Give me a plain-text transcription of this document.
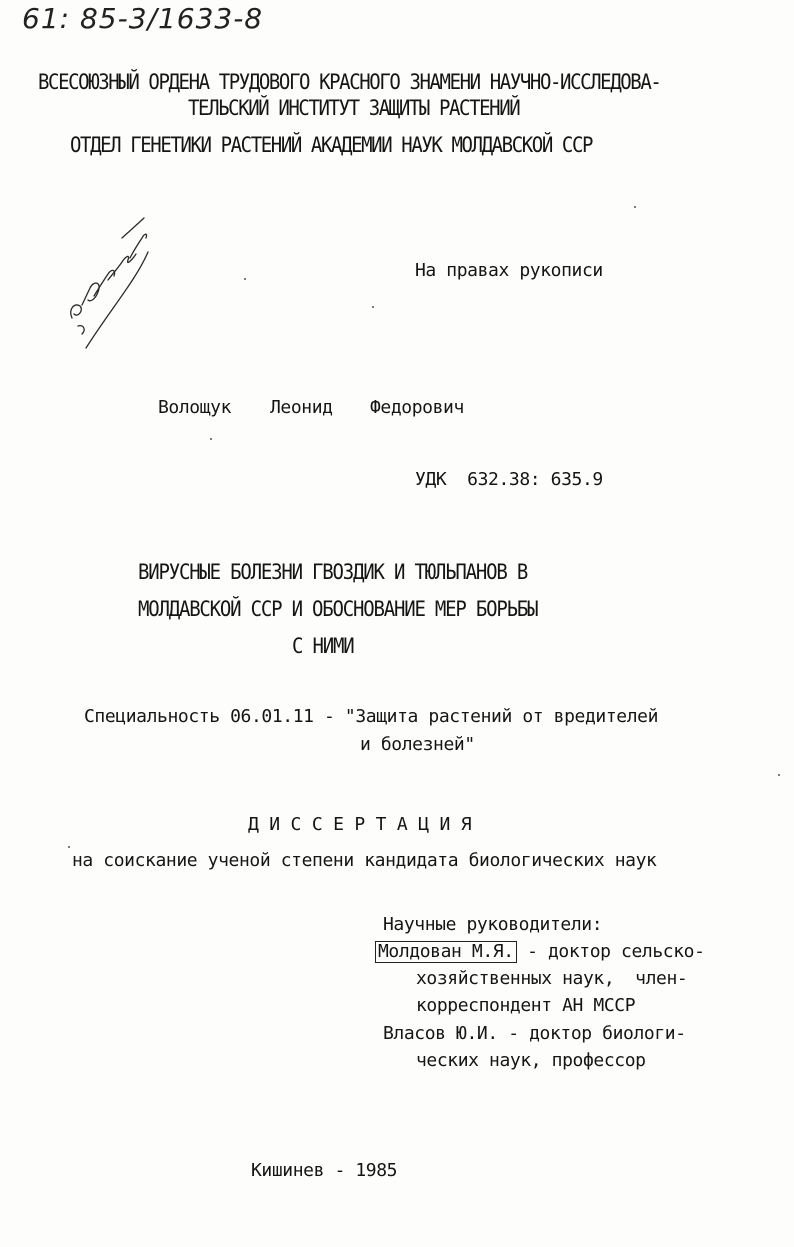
61: 85-3/1633-8
ВСЕСОЮЗНЫЙ ОРДЕНА ТРУДОВОГО КРАСНОГО ЗНАМЕНИ НАУЧНО-ИССЛЕДОВА-
ТЕЛЬСКИЙ ИНСТИТУТ ЗАЩИТЫ РАСТЕНИЙ
ОТДЕЛ ГЕНЕТИКИ РАСТЕНИЙ АКАДЕМИИ НАУК МОЛДАВСКОЙ ССР
На правах рукописи
Волощук Леонид Федорович
УДК  632.38: 635.9
ВИРУСНЫЕ БОЛЕЗНИ ГВОЗДИК И ТЮЛЬПАНОВ В
МОЛДАВСКОЙ ССР И ОБОСНОВАНИЕ МЕР БОРЬБЫ
С НИМИ
Специальность 06.01.11 - "Защита растений от вредителей
и болезней"
Д И С С Е Р Т А Ц И Я
на соискание ученой степени кандидата биологических наук
Научные руководители:
Молдован М.Я. - доктор сельско-
хозяйственных наук,  член-
корреспондент АН МССР
Власов Ю.И. - доктор биологи-
ческих наук, профессор
Кишинев - 1985
